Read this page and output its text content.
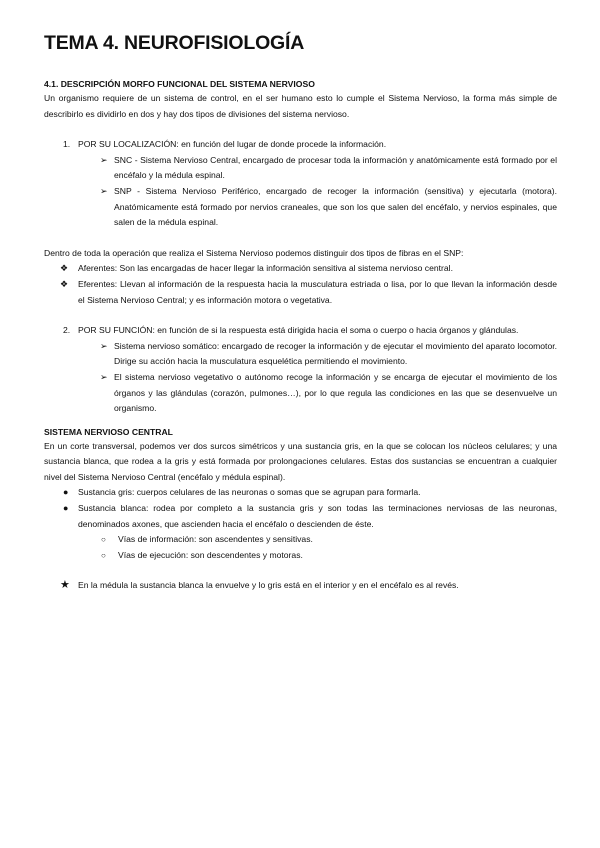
TEMA 4. NEUROFISIOLOGÍA
4.1. DESCRIPCIÓN MORFO FUNCIONAL DEL SISTEMA NERVIOSO

Un organismo requiere de un sistema de control, en el ser humano esto lo cumple el Sistema Nervioso, la forma más simple de describirlo es dividirlo en dos y hay dos tipos de divisiones del sistema nervioso.

1. POR SU LOCALIZACIÓN: en función del lugar de donde procede la información.
➢ SNC - Sistema Nervioso Central, encargado de procesar toda la información y anatómicamente está formado por el encéfalo y la médula espinal.
➢ SNP - Sistema Nervioso Periférico, encargado de recoger la información (sensitiva) y ejecutarla (motora). Anatómicamente está formado por nervios craneales, que son los que salen del encéfalo, y nervios espinales, que salen de la médula espinal.

Dentro de toda la operación que realiza el Sistema Nervioso podemos distinguir dos tipos de fibras en el SNP:

❖ Aferentes: Son las encargadas de hacer llegar la información sensitiva al sistema nervioso central.
❖ Eferentes: Llevan al información de la respuesta hacia la musculatura estriada o lisa, por lo que llevan la información desde el Sistema Nervioso Central; y es información motora o vegetativa.
2. POR SU FUNCIÓN: en función de si la respuesta está dirigida hacia el soma o cuerpo o hacia órganos y glándulas.
➢ Sistema nervioso somático: encargado de recoger la información y de ejecutar el movimiento del aparato locomotor. Dirige su acción hacia la musculatura esquelética permitiendo el movimiento.
➢ El sistema nervioso vegetativo o autónomo recoge la información y se encarga de ejecutar el movimiento de los órganos y las glándulas (corazón, pulmones…), por lo que regula las condiciones en las que se desenvuelve un organismo.
SISTEMA NERVIOSO CENTRAL

En un corte transversal, podemos ver dos surcos simétricos y una sustancia gris, en la que se colocan los núcleos celulares; y una sustancia blanca, que rodea a la gris y está formada por prolongaciones celulares. Estas dos sustancias se encuentran a cualquier nivel del Sistema Nervioso Central (encéfalo y médula espinal).

● Sustancia gris: cuerpos celulares de las neuronas o somas que se agrupan para formarla.
● Sustancia blanca: rodea por completo a la sustancia gris y son todas las terminaciones nerviosas de las neuronas, denominados axones, que ascienden hacia el encéfalo o descienden de éste.
○ Vías de información: son ascendentes y sensitivas.
○ Vías de ejecución: son descendentes y motoras.
★ En la médula la sustancia blanca la envuelve y lo gris está en el interior y en el encéfalo es al revés.
